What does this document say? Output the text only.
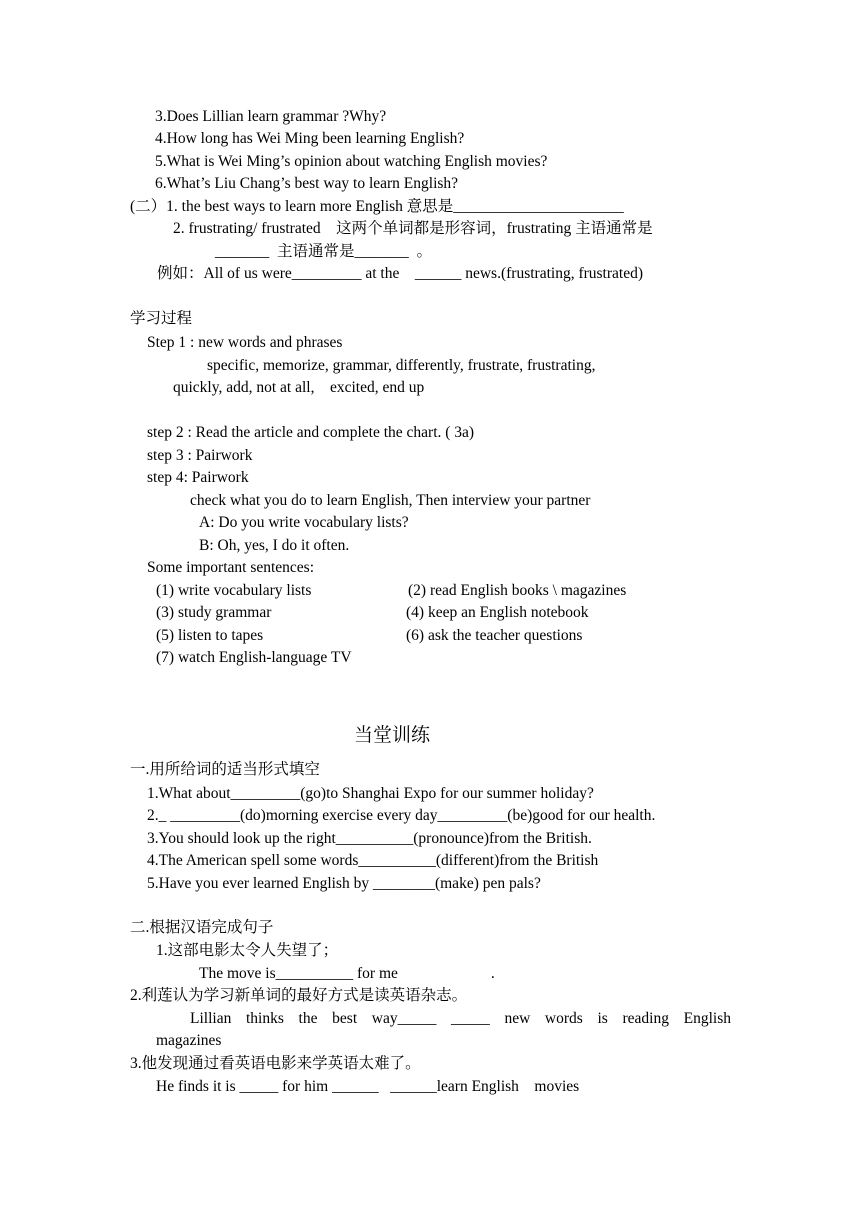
3.Does Lillian learn grammar ?Why?
4.How long has Wei Ming been learning English?
5.What is Wei Ming’s opinion about watching English movies?
6.What’s Liu Chang’s best way to learn English?
(二）1. the best ways to learn more English 意思是______________________
2. frustrating/ frustrated　这两个单词都是形容词，frustrating 主语通常是
_______  主语通常是_______  。
例如：All of us were_________ at the    ______ news.(frustrating, frustrated)
学习过程
Step 1 : new words and phrases
specific, memorize, grammar, differently, frustrate, frustrating,
quickly, add, not at all,    excited, end up
step 2 : Read the article and complete the chart. ( 3a)
step 3 : Pairwork
step 4: Pairwork
check what you do to learn English, Then interview your partner
A: Do you write vocabulary lists?
B: Oh, yes, I do it often.
Some important sentences:
(1) write vocabulary lists	(2) read English books \ magazines
(3) study grammar	(4) keep an English notebook
(5) listen to tapes	(6) ask the teacher questions
(7) watch English-language TV
当堂训练
一.用所给词的适当形式填空
1.What about_________(go)to Shanghai Expo for our summer holiday?
2._ _________(do)morning exercise every day_________(be)good for our health.
3.You should look up the right__________(pronounce)from the British.
4.The American spell some words__________(different)from the British
5.Have you ever learned English by ________(make) pen pals?
二.根据汉语完成句子
1.这部电影太令人失望了；
The move is__________ for me                        .
2.利莲认为学习新单词的最好方式是读英语杂志。
Lillian thinks the best way_____ _____ new words is reading English
magazines
3.他发现通过看英语电影来学英语太难了。
He finds it is _____ for him ______   ______learn English    movies
